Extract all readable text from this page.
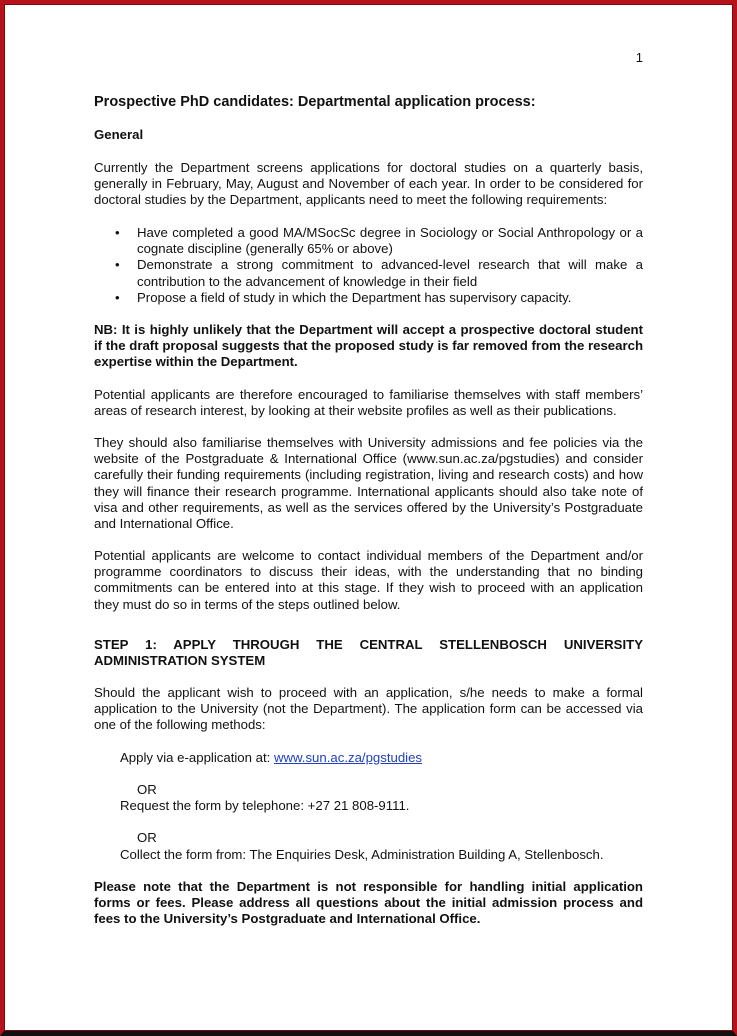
1
Prospective PhD candidates: Departmental application process:
General

Currently the Department screens applications for doctoral studies on a quarterly basis, generally in February, May, August and November of each year. In order to be considered for doctoral studies by the Department, applicants need to meet the following requirements:

• Have completed a good MA/MSocSc degree in Sociology or Social Anthropology or a cognate discipline (generally 65% or above)
• Demonstrate a strong commitment to advanced-level research that will make a contribution to the advancement of knowledge in their field
• Propose a field of study in which the Department has supervisory capacity.

NB: It is highly unlikely that the Department will accept a prospective doctoral student if the draft proposal suggests that the proposed study is far removed from the research expertise within the Department.

Potential applicants are therefore encouraged to familiarise themselves with staff members’ areas of research interest, by looking at their website profiles as well as their publications.

They should also familiarise themselves with University admissions and fee policies via the website of the Postgraduate & International Office (www.sun.ac.za/pgstudies) and consider carefully their funding requirements (including registration, living and research costs) and how they will finance their research programme. International applicants should also take note of visa and other requirements, as well as the services offered by the University’s Postgraduate and International Office.

Potential applicants are welcome to contact individual members of the Department and/or programme coordinators to discuss their ideas, with the understanding that no binding commitments can be entered into at this stage. If they wish to proceed with an application they must do so in terms of the steps outlined below.

STEP 1: APPLY THROUGH THE CENTRAL STELLENBOSCH UNIVERSITY
ADMINISTRATION SYSTEM

Should the applicant wish to proceed with an application, s/he needs to make a formal application to the University (not the Department). The application form can be accessed via one of the following methods:

Apply via e-application at: www.sun.ac.za/pgstudies
OR
Request the form by telephone: +27 21 808-9111.
OR
Collect the form from: The Enquiries Desk, Administration Building A, Stellenbosch.

Please note that the Department is not responsible for handling initial application forms or fees. Please address all questions about the initial admission process and fees to the University’s Postgraduate and International Office.
